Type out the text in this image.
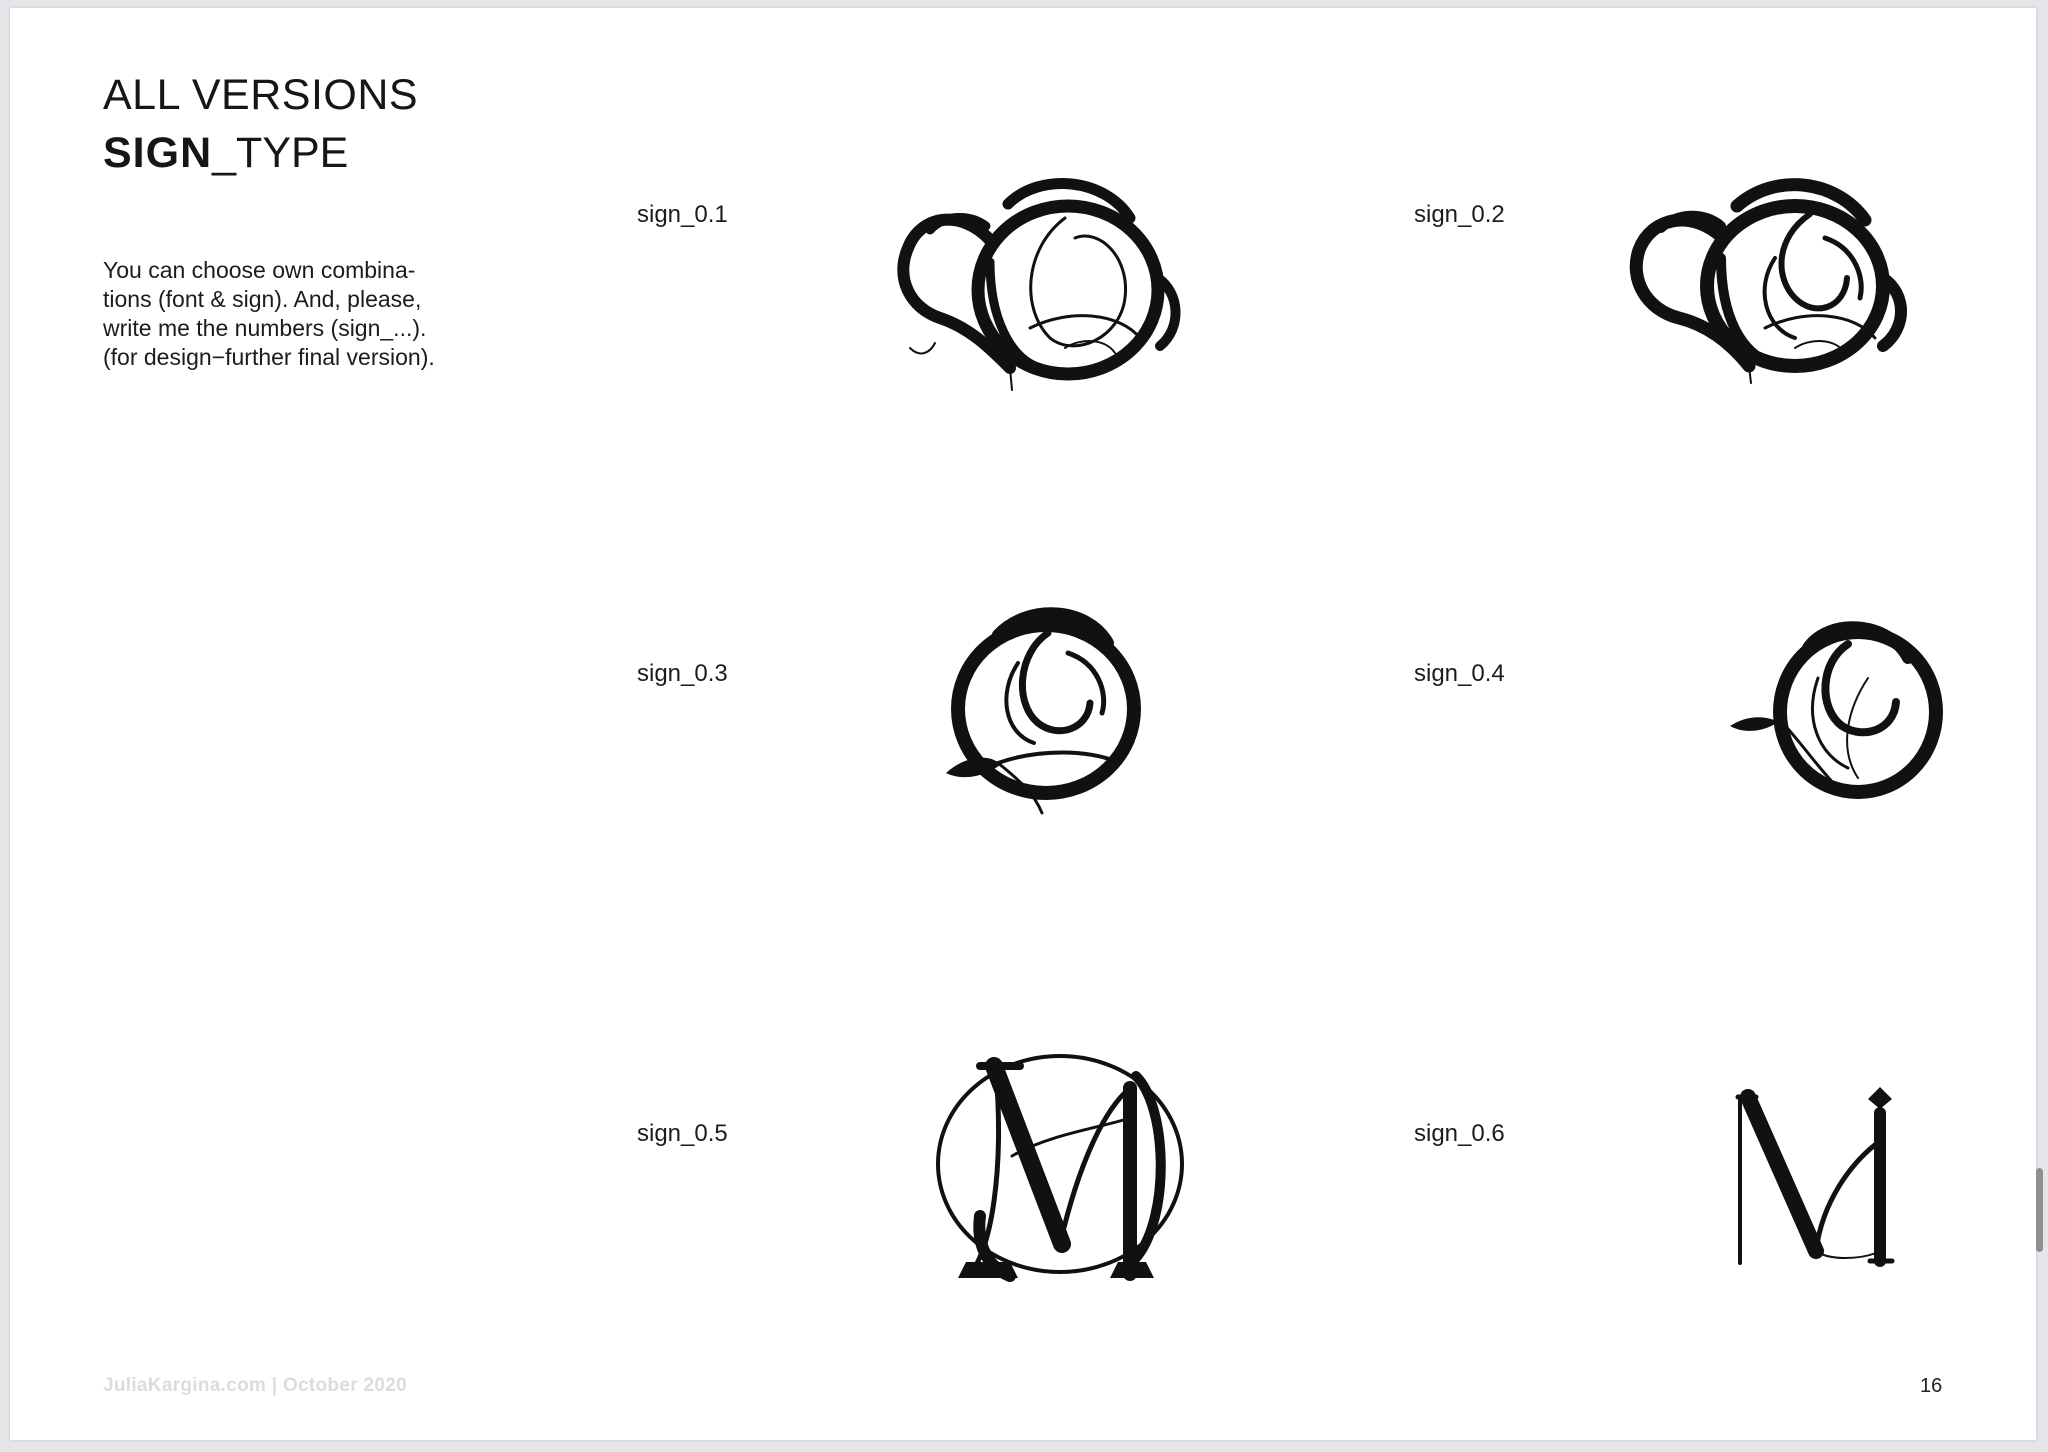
ALL VERSIONS
SIGN_TYPE
You can choose own combina-
tions (font & sign). And, please,
write me the numbers (sign_...).
(for design−further final version).
sign_0.1	sign_0.2
sign_0.3	sign_0.4
sign_0.5	sign_0.6
JuliaKargina.com | October 2020	16
